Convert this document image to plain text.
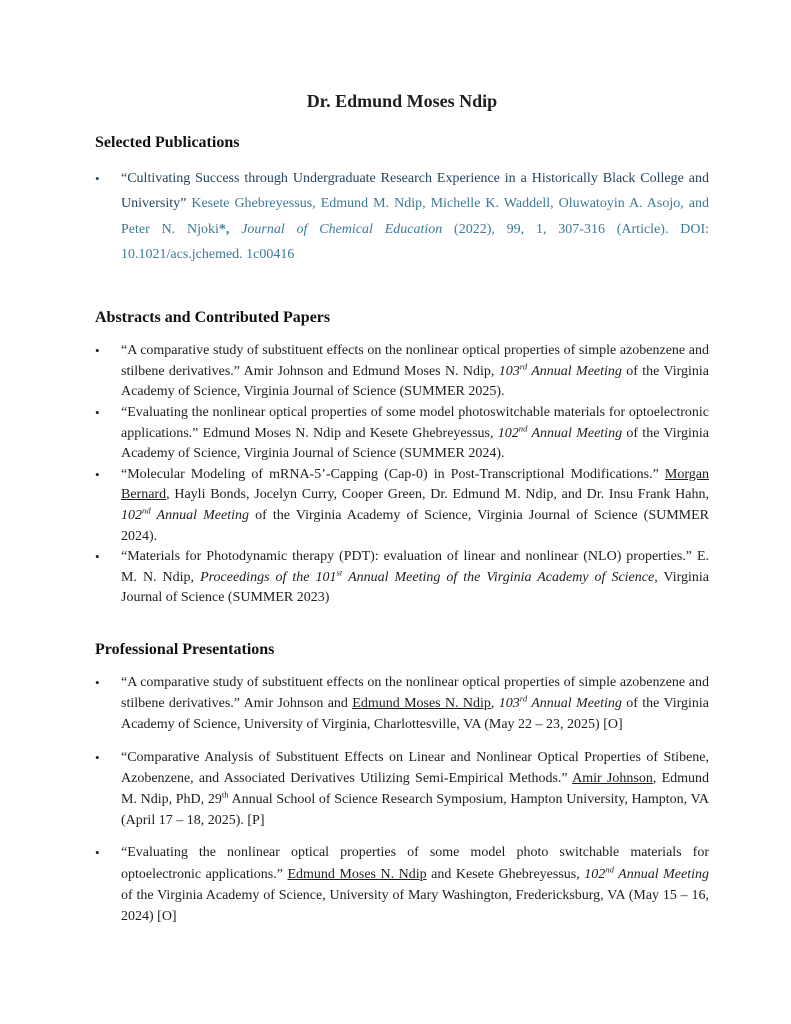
Dr. Edmund Moses Ndip
Selected Publications
•	“Cultivating Success through Undergraduate Research Experience in a Historically Black College and University” Kesete Ghebreyessus, Edmund M. Ndip, Michelle K. Waddell, Oluwatoyin A. Asojo, and Peter N. Njoki*, Journal of Chemical Education (2022), 99, 1, 307-316 (Article). DOI: 10.1021/acs.jchemed. 1c00416

Abstracts and Contributed Papers
•	“A comparative study of substituent effects on the nonlinear optical properties of simple azobenzene and stilbene derivatives.” Amir Johnson and Edmund Moses N. Ndip, 103rd Annual Meeting of the Virginia Academy of Science, Virginia Journal of Science (SUMMER 2025).

•	“Evaluating the nonlinear optical properties of some model photoswitchable materials for optoelectronic applications.” Edmund Moses N. Ndip and Kesete Ghebreyessus, 102nd Annual Meeting of the Virginia Academy of Science, Virginia Journal of Science (SUMMER 2024).

•	“Molecular Modeling of mRNA-5’-Capping (Cap-0) in Post-Transcriptional Modifications.” Morgan Bernard, Hayli Bonds, Jocelyn Curry, Cooper Green, Dr. Edmund M. Ndip, and Dr. Insu Frank Hahn, 102nd Annual Meeting of the Virginia Academy of Science, Virginia Journal of Science (SUMMER 2024).

•	“Materials for Photodynamic therapy (PDT): evaluation of linear and nonlinear (NLO) properties.” E. M. N. Ndip, Proceedings of the 101st Annual Meeting of the Virginia Academy of Science, Virginia Journal of Science (SUMMER 2023)

Professional Presentations
•	“A comparative study of substituent effects on the nonlinear optical properties of simple azobenzene and stilbene derivatives.” Amir Johnson and Edmund Moses N. Ndip, 103rd Annual Meeting of the Virginia Academy of Science, University of Virginia, Charlottesville, VA (May 22 – 23, 2025) [O]

•	“Comparative Analysis of Substituent Effects on Linear and Nonlinear Optical Properties of Stibene, Azobenzene, and Associated Derivatives Utilizing Semi-Empirical Methods.” Amir Johnson, Edmund M. Ndip, PhD, 29th Annual School of Science Research Symposium, Hampton University, Hampton, VA (April 17 – 18, 2025). [P]

•	“Evaluating the nonlinear optical properties of some model photo switchable materials for optoelectronic applications.” Edmund Moses N. Ndip and Kesete Ghebreyessus, 102nd Annual Meeting of the Virginia Academy of Science, University of Mary Washington, Fredericksburg, VA (May 15 – 16, 2024) [O]
